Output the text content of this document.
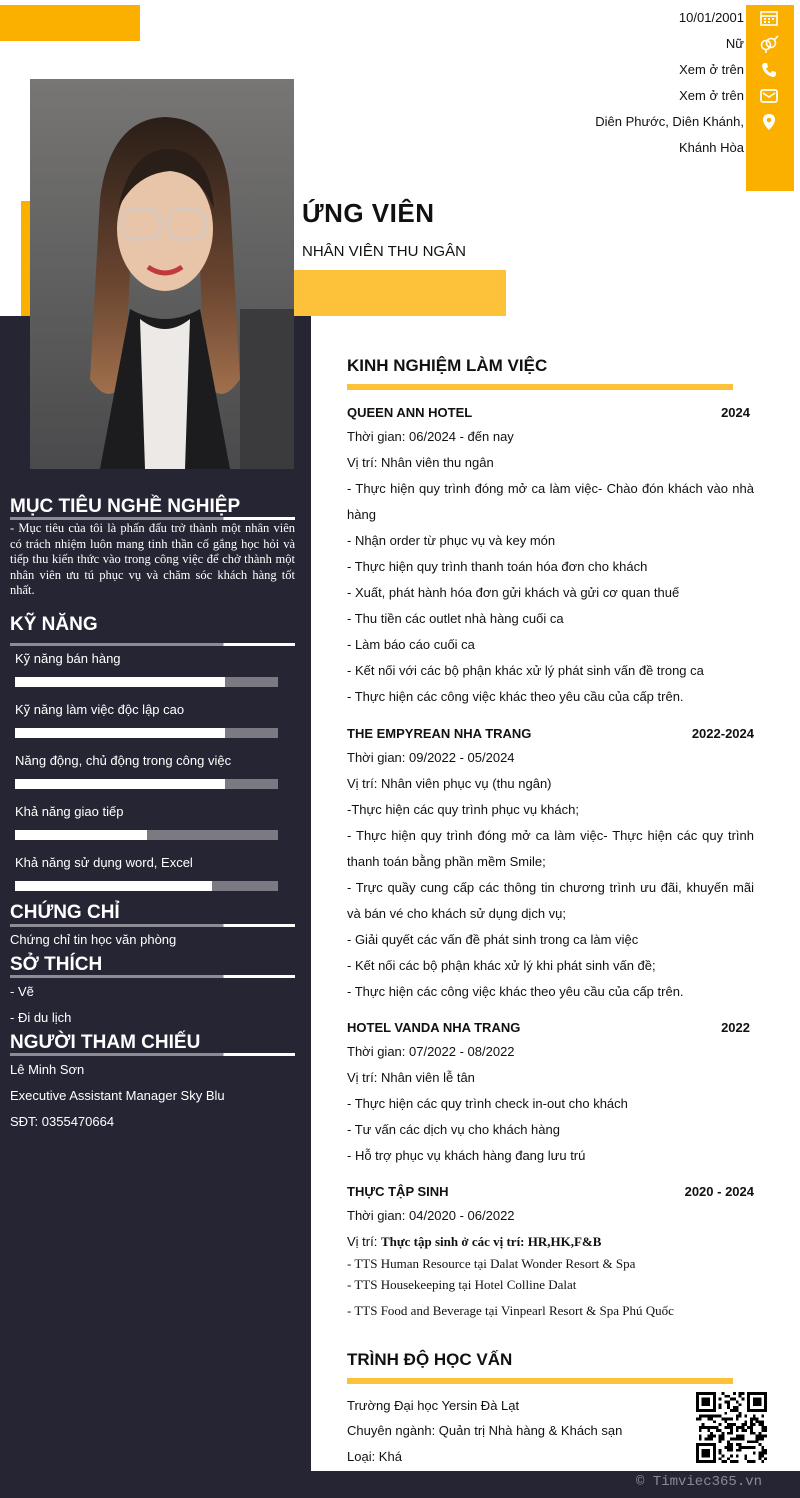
10/01/2001
Nữ
Xem ở trên
Xem ở trên
Diên Phước, Diên Khánh,
Khánh Hòa
ỨNG VIÊN
NHÂN VIÊN THU NGÂN
MỤC TIÊU NGHỀ NGHIỆP
- Mục tiêu của tôi là phấn đấu trở thành một nhân viên có trách nhiệm luôn mang tinh thần cố gắng học hỏi và tiếp thu kiến thức vào trong công việc để chở thành một nhân viên ưu tú phục vụ và chăm sóc khách hàng tốt nhất.
KỸ NĂNG
Kỹ năng bán hàng
Kỹ năng làm việc độc lập cao
Năng động, chủ động trong công việc
Khả năng giao tiếp
Khả năng sử dụng word, Excel
CHỨNG CHỈ
Chứng chỉ tin học văn phòng
SỞ THÍCH
- Vẽ
- Đi du lịch
NGƯỜI THAM CHIẾU
Lê Minh Sơn
Executive Assistant Manager Sky Blu
SĐT: 0355470664
KINH NGHIỆM LÀM VIỆC
QUEEN ANN HOTEL	2024
Thời gian: 06/2024 - đến nay
Vị trí: Nhân viên thu ngân
- Thực hiện quy trình đóng mở ca làm việc- Chào đón khách vào nhà hàng
- Nhận order từ phục vụ và key món
- Thực hiện quy trình thanh toán hóa đơn cho khách
- Xuất, phát hành hóa đơn gửi khách và gửi cơ quan thuế
- Thu tiền các outlet nhà hàng cuối ca
- Làm báo cáo cuối ca
- Kết nối với các bộ phận khác xử lý phát sinh vấn đề trong ca
- Thực hiện các công việc khác theo yêu cầu của cấp trên.
THE EMPYREAN NHA TRANG	2022-2024
Thời gian: 09/2022 - 05/2024
Vị trí: Nhân viên phục vụ (thu ngân)
-Thực hiện các quy trình phục vụ khách;
- Thực hiện quy trình đóng mở ca làm việc- Thực hiện các quy trình thanh toán bằng phần mềm Smile;
- Trực quầy cung cấp các thông tin chương trình ưu đãi, khuyến mãi và bán vé cho khách sử dụng dịch vụ;
- Giải quyết các vấn đề phát sinh trong ca làm việc
- Kết nối các bộ phận khác xử lý khi phát sinh vấn đề;
- Thực hiện các công việc khác theo yêu cầu của cấp trên.
HOTEL VANDA NHA TRANG	2022
Thời gian: 07/2022 - 08/2022
Vị trí: Nhân viên lễ tân
- Thực hiện các quy trình check in-out cho khách
- Tư vấn các dịch vụ cho khách hàng
- Hỗ trợ phục vụ khách hàng đang lưu trú
THỰC TẬP SINH	2020 - 2024
Thời gian: 04/2020 - 06/2022
Vị trí: Thực tập sinh ở các vị trí: HR,HK,F&B
- TTS Human Resource tại Dalat Wonder Resort & Spa
- TTS Housekeeping tại Hotel Colline Dalat
- TTS Food and Beverage tại Vinpearl Resort & Spa Phú Quốc
TRÌNH ĐỘ HỌC VẤN
Trường Đại học Yersin Đà Lạt
Chuyên ngành: Quản trị Nhà hàng & Khách sạn
Loại: Khá
© Timviec365.vn
